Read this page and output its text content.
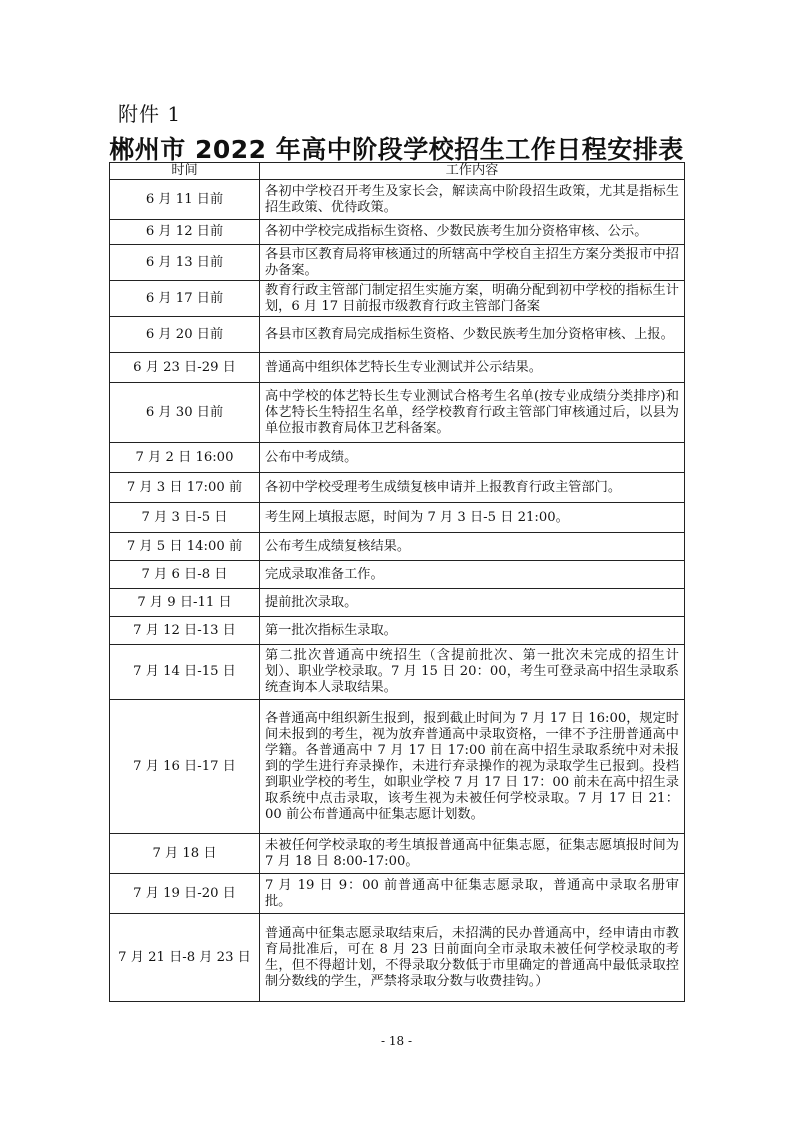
附件 1
郴州市 2022 年高中阶段学校招生工作日程安排表
时间	工作内容
6 月 11 日前	各初中学校召开考生及家长会，解读高中阶段招生政策，尤其是指标生招生政策、优待政策。
6 月 12 日前	各初中学校完成指标生资格、少数民族考生加分资格审核、公示。
6 月 13 日前	各县市区教育局将审核通过的所辖高中学校自主招生方案分类报市中招办备案。
6 月 17 日前	教育行政主管部门制定招生实施方案，明确分配到初中学校的指标生计划，6 月 17 日前报市级教育行政主管部门备案
6 月 20 日前	各县市区教育局完成指标生资格、少数民族考生加分资格审核、上报。
6 月 23 日-29 日	普通高中组织体艺特长生专业测试并公示结果。
6 月 30 日前	高中学校的体艺特长生专业测试合格考生名单(按专业成绩分类排序)和体艺特长生特招生名单，经学校教育行政主管部门审核通过后，以县为单位报市教育局体卫艺科备案。
7 月 2 日 16:00	公布中考成绩。
7 月 3 日 17:00 前	各初中学校受理考生成绩复核申请并上报教育行政主管部门。
7 月 3 日-5 日	考生网上填报志愿，时间为 7 月 3 日-5 日 21:00。
7 月 5 日 14:00 前	公布考生成绩复核结果。
7 月 6 日-8 日	完成录取准备工作。
7 月 9 日-11 日	提前批次录取。
7 月 12 日-13 日	第一批次指标生录取。
7 月 14 日-15 日	第二批次普通高中统招生（含提前批次、第一批次未完成的招生计划）、职业学校录取。7 月 15 日 20：00，考生可登录高中招生录取系统查询本人录取结果。
7 月 16 日-17 日	各普通高中组织新生报到，报到截止时间为 7 月 17 日 16:00，规定时间未报到的考生，视为放弃普通高中录取资格，一律不予注册普通高中学籍。各普通高中 7 月 17 日 17:00 前在高中招生录取系统中对未报到的学生进行弃录操作，未进行弃录操作的视为录取学生已报到。投档到职业学校的考生，如职业学校 7 月 17 日 17：00 前未在高中招生录取系统中点击录取，该考生视为未被任何学校录取。7 月 17 日 21：00 前公布普通高中征集志愿计划数。
7 月 18 日	未被任何学校录取的考生填报普通高中征集志愿，征集志愿填报时间为 7 月 18 日 8:00-17:00。
7 月 19 日-20 日	7 月 19 日 9：00 前普通高中征集志愿录取，普通高中录取名册审批。
7 月 21 日-8 月 23 日	普通高中征集志愿录取结束后，未招满的民办普通高中，经申请由市教育局批准后，可在 8 月 23 日前面向全市录取未被任何学校录取的考生，但不得超计划，不得录取分数低于市里确定的普通高中最低录取控制分数线的学生，严禁将录取分数与收费挂钩。）
- 18 -
